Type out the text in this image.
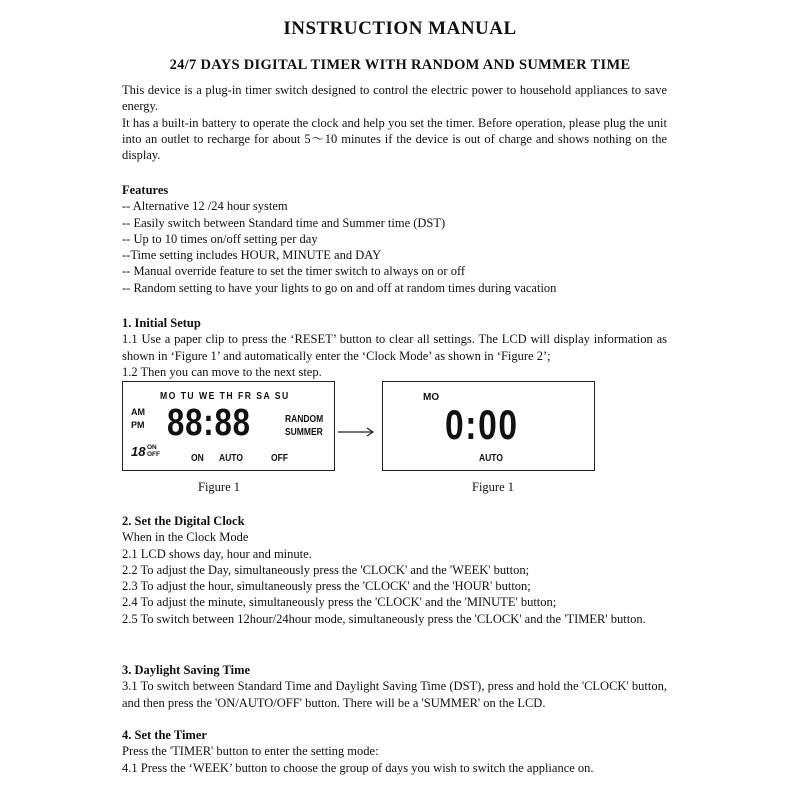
INSTRUCTION MANUAL
24/7 DAYS DIGITAL TIMER WITH RANDOM AND SUMMER TIME

This device is a plug-in timer switch designed to control the electric power to household appliances to save energy.

It has a built-in battery to operate the clock and help you set the timer. Before operation, please plug the unit into an outlet to recharge for about 5～10 minutes if the device is out of charge and shows nothing on the display.

Features

-- Alternative 12 /24 hour system
-- Easily switch between Standard time and Summer time (DST)
-- Up to 10 times on/off setting per day
--Time setting includes HOUR, MINUTE and DAY
-- Manual override feature to set the timer switch to always on or off
-- Random setting to have your lights to go on and off at random times during vacation

1. Initial Setup

1.1 Use a paper clip to press the ‘RESET’ button to clear all settings. The LCD will display information as shown in ‘Figure 1’ and automatically enter the ‘Clock Mode’ as shown in ‘Figure 2’;

1.2 Then you can move to the next step.

MO TU WE TH FR SA SU
AM
PM 88:88	RANDOM
SUMMER
18 ON
OFF	ON AUTO	OFF
MO
0:00
AUTO
Figure 1	Figure 1

2. Set the Digital Clock

When in the Clock Mode

2.1 LCD shows day, hour and minute.

2.2 To adjust the Day, simultaneously press the 'CLOCK' and the 'WEEK' button;

2.3 To adjust the hour, simultaneously press the 'CLOCK' and the 'HOUR' button;

2.4 To adjust the minute, simultaneously press the 'CLOCK' and the 'MINUTE' button;

2.5 To switch between 12hour/24hour mode, simultaneously press the 'CLOCK' and the 'TIMER' button.

3. Daylight Saving Time

3.1 To switch between Standard Time and Daylight Saving Time (DST), press and hold the 'CLOCK' button, and then press the 'ON/AUTO/OFF' button. There will be a 'SUMMER' on the LCD.

4. Set the Timer

Press the 'TIMER' button to enter the setting mode:

4.1 Press the ‘WEEK’ button to choose the group of days you wish to switch the appliance on.
